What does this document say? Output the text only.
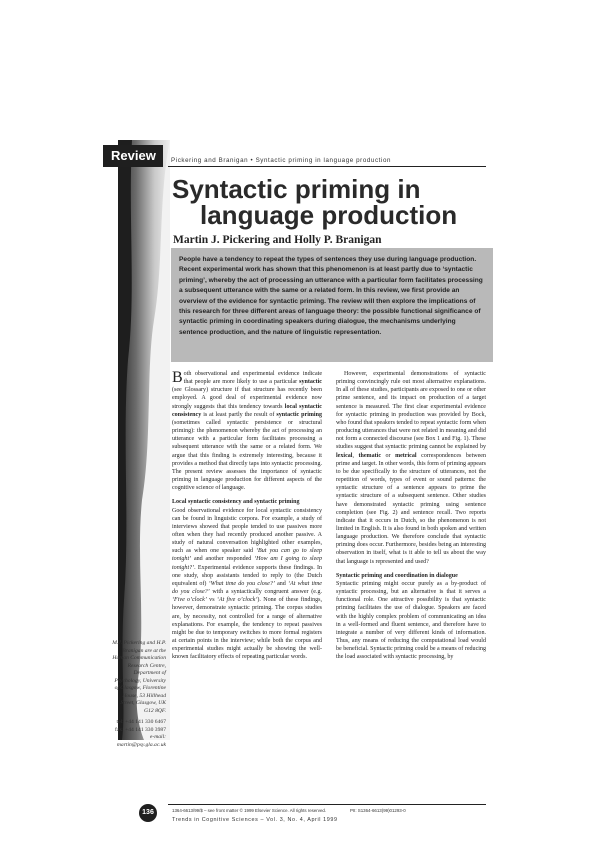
Review	Pickering and Branigan • Syntactic priming in language production
Syntactic priming in
language production
Martin J. Pickering and Holly P. Branigan
People have a tendency to repeat the types of sentences they use during language production. Recent experimental work has shown that this phenomenon is at least partly due to ‘syntactic priming’, whereby the act of processing an utterance with a particular form facilitates processing a subsequent utterance with the same or a related form. In this review, we first provide an overview of the evidence for syntactic priming. The review will then explore the implications of this research for three different areas of language theory: the possible functional significance of syntactic priming in coordinating speakers during dialogue, the mechanisms underlying sentence production, and the nature of linguistic representation.

Both observational and experimental evidence indicate that people are more likely to use a particular syntactic (see Glossary) structure if that structure has recently been employed. A good deal of experimental evidence now strongly suggests that this tendency towards local syntactic consistency is at least partly the result of syntactic priming (sometimes called syntactic persistence or structural priming): the phenomenon whereby the act of processing an utterance with a particular form facilitates processing a subsequent utterance with the same or a related form. We argue that this finding is extremely interesting, because it provides a method that directly taps into syntactic processing. The present review assesses the importance of syntactic priming in language production for different aspects of the cognitive science of language.

Local syntactic consistency and syntactic priming

Good observational evidence for local syntactic consistency can be found in linguistic corpora. For example, a study of interviews showed that people tended to use passives more often when they had recently produced another passive. A study of natural conversation highlighted other examples, such as when one speaker said ‘But you can go to sleep tonight’ and another responded ‘How am I going to sleep tonight?’. Experimental evidence supports these findings. In one study, shop assistants tended to reply to (the Dutch equivalent of) ‘What time do you close?’ and ‘At what time do you close?’ with a syntactically congruent answer (e.g. ‘Five o’clock’ vs ‘At five o’clock’). None of these findings, however, demonstrate syntactic priming. The corpus studies are, by necessity, not controlled for a range of alternative explanations. For example, the tendency to repeat passives might be due to temporary switches to more formal registers at certain points in the interview; while both the corpus and experimental studies might actually be showing the well-known facilitatory effects of repeating particular words.

However, experimental demonstrations of syntactic priming convincingly rule out most alternative explanations. In all of these studies, participants are exposed to one or other prime sentence, and its impact on production of a target sentence is measured. The first clear experimental evidence for syntactic priming in production was provided by Bock, who found that speakers tended to repeat syntactic form when producing utterances that were not related in meaning and did not form a connected discourse (see Box 1 and Fig. 1). These studies suggest that syntactic priming cannot be explained by lexical, thematic or metrical correspondences between prime and target. In other words, this form of priming appears to be due specifically to the structure of utterances, not the repetition of words, types of event or sound patterns: the syntactic structure of a sentence appears to prime the syntactic structure of a subsequent sentence. Other studies have demonstrated syntactic priming using sentence completion (see Fig. 2) and sentence recall. Two reports indicate that it occurs in Dutch, so the phenomenon is not limited in English. It is also found in both spoken and written language production. We therefore conclude that syntactic priming does occur. Furthermore, besides being an interesting observation in itself, what is it able to tell us about the way that language is represented and used?

Syntactic priming and coordination in dialogue

Syntactic priming might occur purely as a by-product of syntactic processing, but an alternative is that it serves a functional role. One attractive possibility is that syntactic priming facilitates the use of dialogue. Speakers are faced with the highly complex problem of communicating an idea in a well-formed and fluent sentence, and therefore have to integrate a number of very different kinds of information. Thus, any means of reducing the computational load would be beneficial. Syntactic priming could be a means of reducing the load associated with syntactic processing, by

M.J. Pickering and H.P. Branigan are at the Human Communication Research Centre, Department of Psychology, University of Glasgow, Florentine House, 53 Hillhead Street, Glasgow, UK G12 8QF.

tel: +44 141 330 6467
fax: +44 141 330 3987
e-mail: martin@psy.gla.ac.uk

136	1364-6613/99/$ – see front matter © 1999 Elsevier Science. All rights reserved.	PII: S1364-6613(99)01293-0
Trends in Cognitive Sciences – Vol. 3, No. 4, April 1999
